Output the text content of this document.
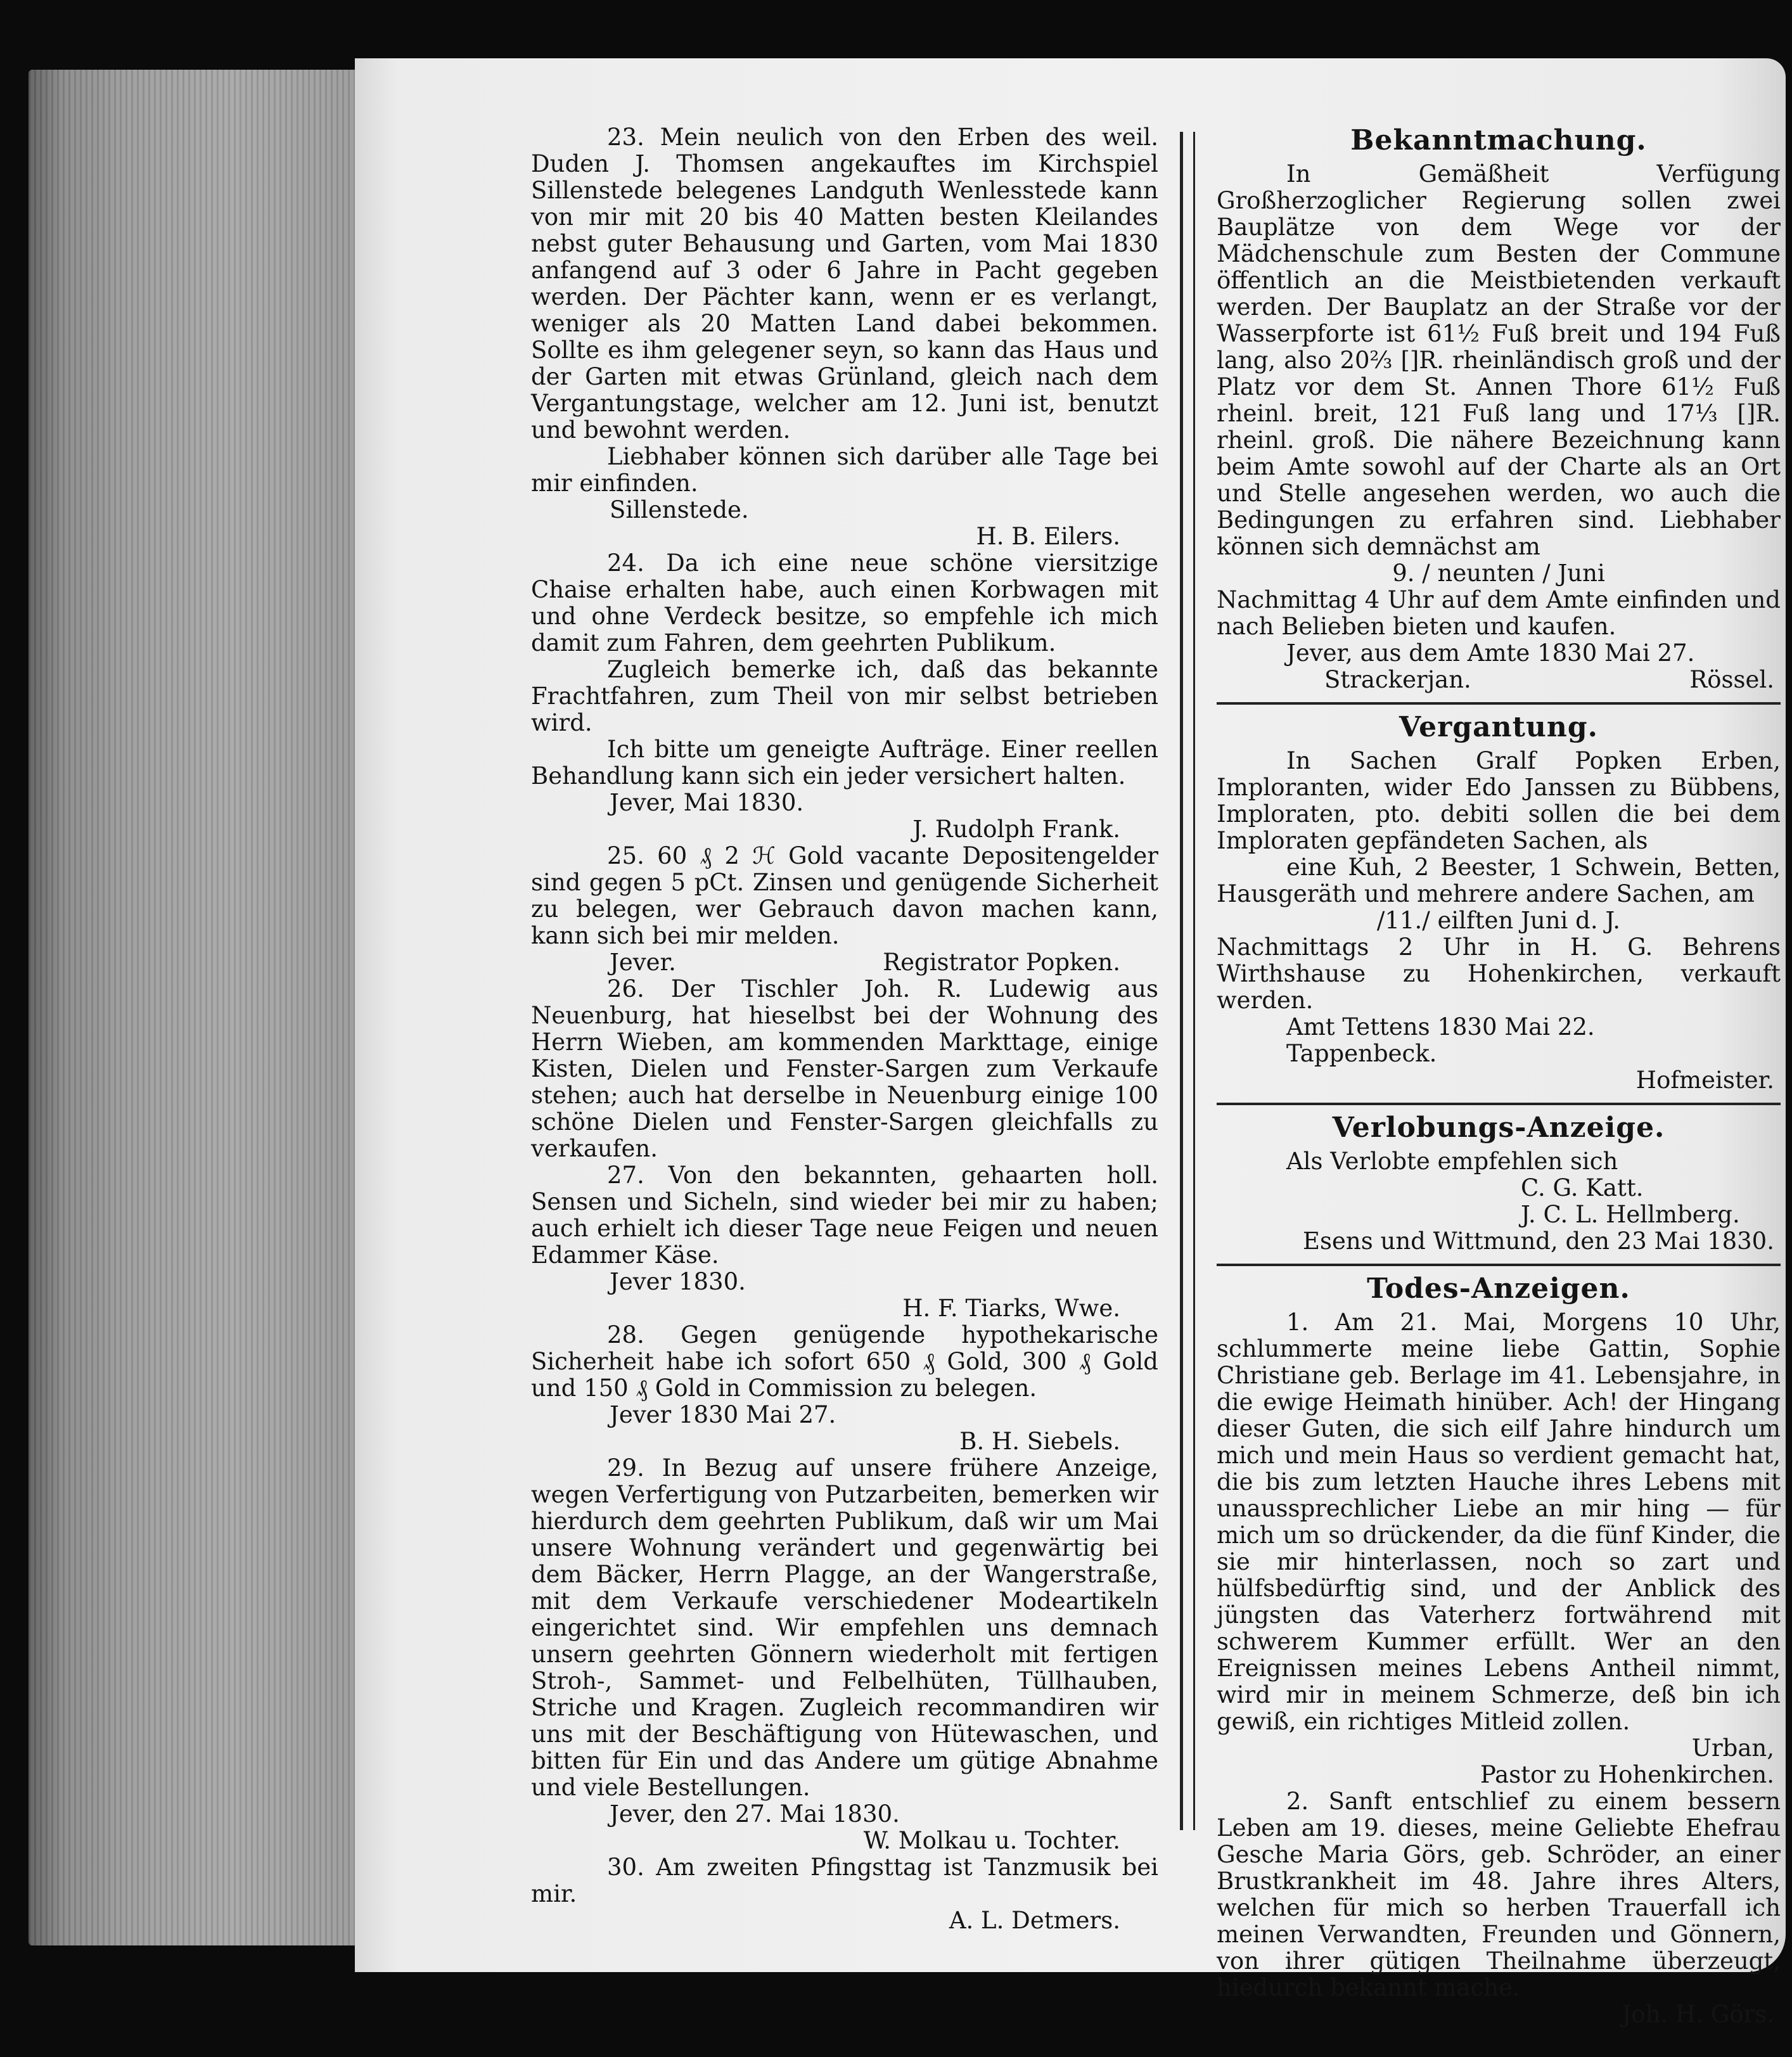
23. Mein neulich von den Erben des weil. Duden J. Thomsen angekauftes im Kirchspiel Sillenstede belegenes Landguth Wenlesstede kann von mir mit 20 bis 40 Matten besten Kleilandes nebst guter Behausung und Garten, vom Mai 1830 anfangend auf 3 oder 6 Jahre in Pacht gegeben werden. Der Pächter kann, wenn er es verlangt, weniger als 20 Matten Land dabei bekommen. Sollte es ihm gelegener seyn, so kann das Haus und der Garten mit etwas Grünland, gleich nach dem Vergantungstage, welcher am 12. Juni ist, benutzt und bewohnt werden.

Liebhaber können sich darüber alle Tage bei mir einfinden.

Sillenstede.

H. B. Eilers.

24. Da ich eine neue schöne viersitzige Chaise erhalten habe, auch einen Korbwagen mit und ohne Verdeck besitze, so empfehle ich mich damit zum Fahren, dem geehrten Publikum.

Zugleich bemerke ich, daß das bekannte Frachtfahren, zum Theil von mir selbst betrieben wird.

Ich bitte um geneigte Aufträge. Einer reellen Behandlung kann sich ein jeder versichert halten.

Jever, Mai 1830.

J. Rudolph Frank.

25. 60 ₰ 2 ℋ Gold vacante Depositengelder sind gegen 5 pCt. Zinsen und genügende Sicherheit zu belegen, wer Gebrauch davon machen kann, kann sich bei mir melden.

Jever.	Registrator Popken.

26. Der Tischler Joh. R. Ludewig aus Neuenburg, hat hieselbst bei der Wohnung des Herrn Wieben, am kommenden Markttage, einige Kisten, Dielen und Fenster-Sargen zum Verkaufe stehen; auch hat derselbe in Neuenburg einige 100 schöne Dielen und Fenster-Sargen gleichfalls zu verkaufen.

27. Von den bekannten, gehaarten holl. Sensen und Sicheln, sind wieder bei mir zu haben; auch erhielt ich dieser Tage neue Feigen und neuen Edammer Käse.

Jever 1830.

H. F. Tiarks, Wwe.

28. Gegen genügende hypothekarische Sicherheit habe ich sofort 650 ₰ Gold, 300 ₰ Gold und 150 ₰ Gold in Commission zu belegen.

Jever 1830 Mai 27.

B. H. Siebels.

29. In Bezug auf unsere frühere Anzeige, wegen Verfertigung von Putzarbeiten, bemerken wir hierdurch dem geehrten Publikum, daß wir um Mai unsere Wohnung verändert und gegenwärtig bei dem Bäcker, Herrn Plagge, an der Wangerstraße, mit dem Verkaufe verschiedener Modeartikeln eingerichtet sind. Wir empfehlen uns demnach unsern geehrten Gönnern wiederholt mit fertigen Stroh-, Sammet- und Felbelhüten, Tüllhauben, Striche und Kragen. Zugleich recommandiren wir uns mit der Beschäftigung von Hütewaschen, und bitten für Ein und das Andere um gütige Abnahme und viele Bestellungen.

Jever, den 27. Mai 1830.

W. Molkau u. Tochter.

30. Am zweiten Pfingsttag ist Tanzmusik bei mir.

A. L. Detmers.

Bekanntmachung.

In Gemäßheit Verfügung Großherzoglicher Regierung sollen zwei Bauplätze von dem Wege vor der Mädchenschule zum Besten der Commune öffentlich an die Meistbietenden verkauft werden. Der Bauplatz an der Straße vor der Wasserpforte ist 61½ Fuß breit und 194 Fuß lang, also 20⅔ []R. rheinländisch groß und der Platz vor dem St. Annen Thore 61½ Fuß rheinl. breit, 121 Fuß lang und 17⅓ []R. rheinl. groß. Die nähere Bezeichnung kann beim Amte sowohl auf der Charte als an Ort und Stelle angesehen werden, wo auch die Bedingungen zu erfahren sind. Liebhaber können sich demnächst am

9. / neunten / Juni

Nachmittag 4 Uhr auf dem Amte einfinden und nach Belieben bieten und kaufen.

Jever, aus dem Amte 1830 Mai 27.

Strackerjan.	Rössel.

Vergantung.

In Sachen Gralf Popken Erben, Imploranten, wider Edo Janssen zu Bübbens, Imploraten, pto. debiti sollen die bei dem Imploraten gepfändeten Sachen, als

eine Kuh, 2 Beester, 1 Schwein, Betten, Hausgeräth und mehrere andere Sachen, am

/11./ eilften Juni d. J.

Nachmittags 2 Uhr in H. G. Behrens Wirthshause zu Hohenkirchen, verkauft werden.

Amt Tettens 1830 Mai 22.

Tappenbeck.

Hofmeister.

Verlobungs-Anzeige.

Als Verlobte empfehlen sich

C. G. Katt.

J. C. L. Hellmberg.

Esens und Wittmund, den 23 Mai 1830.

Todes-Anzeigen.

1. Am 21. Mai, Morgens 10 Uhr, schlummerte meine liebe Gattin, Sophie Christiane geb. Berlage im 41. Lebensjahre, in die ewige Heimath hinüber. Ach! der Hingang dieser Guten, die sich eilf Jahre hindurch um mich und mein Haus so verdient gemacht hat, die bis zum letzten Hauche ihres Lebens mit unaussprechlicher Liebe an mir hing — für mich um so drückender, da die fünf Kinder, die sie mir hinterlassen, noch so zart und hülfsbedürftig sind, und der Anblick des jüngsten das Vaterherz fortwährend mit schwerem Kummer erfüllt. Wer an den Ereignissen meines Lebens Antheil nimmt, wird mir in meinem Schmerze, deß bin ich gewiß, ein richtiges Mitleid zollen.

Urban,

Pastor zu Hohenkirchen.

2. Sanft entschlief zu einem bessern Leben am 19. dieses, meine Geliebte Ehefrau Gesche Maria Görs, geb. Schröder, an einer Brustkrankheit im 48. Jahre ihres Alters, welchen für mich so herben Trauerfall ich meinen Verwandten, Freunden und Gönnern, von ihrer gütigen Theilnahme überzeugt, hiedurch bekannt mache.

Joh. H. Görs.
